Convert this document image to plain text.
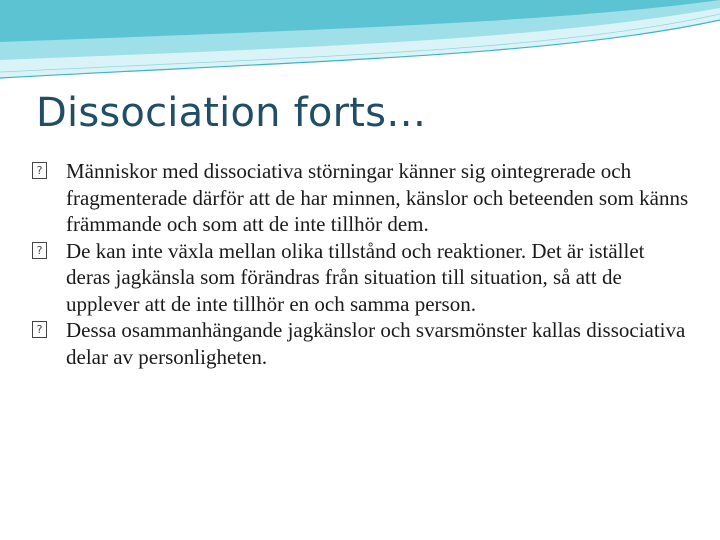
Dissociation forts…

? Människor med dissociativa störningar känner sig ointegrerade och fragmenterade därför att de har minnen, känslor och beteenden som känns främmande och som att de inte tillhör dem.

? De kan inte växla mellan olika tillstånd och reaktioner. Det är istället deras jagkänsla som förändras från situation till situation, så att de upplever att de inte tillhör en och samma person.

? Dessa osammanhängande jagkänslor och svarsmönster kallas dissociativa delar av personligheten.
